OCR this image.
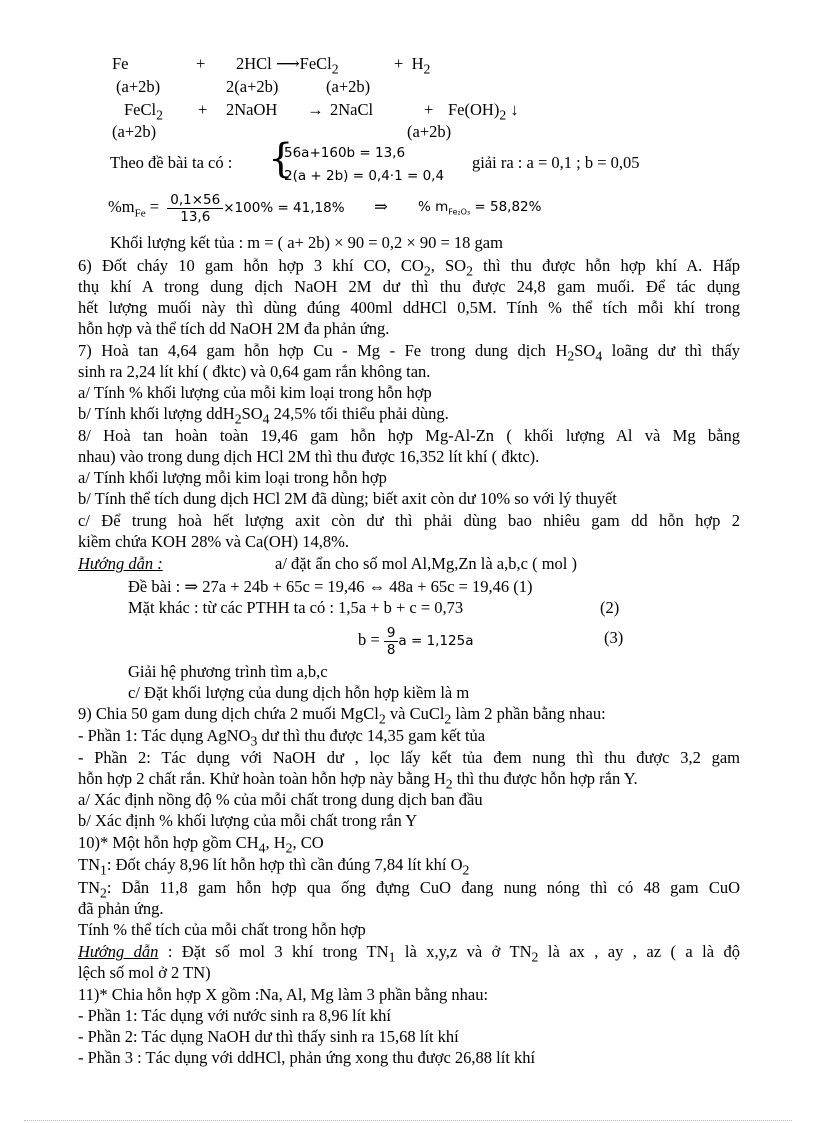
Fe	+ 2HCl ⟶FeCl$_2$	+ $H_2$
(a+2b)	2(a+2b)	(a+2b)
FeCl$_2$ + 2NaOH → 2NaCl	+ $Fe(OH)_2$ ↓
(a+2b)	(a+2b)
Theo đề bài ta có : {
56a+160b = 13,6
2(a + 2b) = 0,4·1 = 0,4
giải ra : a = 0,1 ; b = 0,05
$\%m_{Fe} = \frac{0,1\times 56}{13,6} \times 100\% = 41,18\%$ ⇒ % $m_{Fe_2O_3} = 58,82\%$
Khối lượng kết tủa : m = ( a+ 2b) × 90 = 0,2 × 90 = 18 gam
6) Đốt cháy 10 gam hỗn hợp 3 khí CO, $CO_2$, $SO_2$ thì thu được hỗn hợp khí A. Hấp
thụ khí A trong dung dịch NaOH 2M dư thì thu được 24,8 gam muối. Để tác dụng
hết lượng muối này thì dùng đúng 400ml ddHCl 0,5M. Tính % thể tích mỗi khí trong
hỗn hợp và thể tích dd NaOH 2M đa phản ứng.
7) Hoà tan 4,64 gam hỗn hợp Cu - Mg - Fe trong dung dịch $H_2SO_4$ loãng dư thì thấy
sinh ra 2,24 lít khí ( đktc) và 0,64 gam rắn không tan.
a/ Tính % khối lượng của mỗi kim loại trong hỗn hợp
b/ Tính khối lượng $ddH_2SO_4$ 24,5% tối thiểu phải dùng.
8/ Hoà tan hoàn toàn 19,46 gam hỗn hợp Mg-Al-Zn ( khối lượng Al và Mg bằng
nhau) vào trong dung dịch HCl 2M thì thu được 16,352 lít khí ( đktc).
a/ Tính khối lượng mỗi kim loại trong hỗn hợp
b/ Tính thể tích dung dịch HCl 2M đã dùng; biết axit còn dư 10% so với lý thuyết
c/ Để trung hoà hết lượng axit còn dư thì phải dùng bao nhiêu gam dd hỗn hợp 2
kiềm chứa KOH 28% và Ca(OH) 14,8%.
Hướng dẫn :	a/ đặt ẩn cho số mol Al,Mg,Zn là a,b,c ( mol )
Đề bài : ⇒ 27a + 24b + 65c = 19,46 ⇔ 48a + 65c = 19,46 (1)
Mặt khác : từ các PTHH ta có : 1,5a + b + c = 0,73	(2)
$b = \frac{9}{8}$ a = 1,125a	(3)
Giải hệ phương trình tìm a,b,c
c/ Đặt khối lượng của dung dịch hỗn hợp kiềm là m
9) Chia 50 gam dung dịch chứa 2 muối MgCl$_2$ và CuCl$_2$ làm 2 phần bằng nhau:
- Phần 1: Tác dụng AgNO$_3$ dư thì thu được 14,35 gam kết tủa
- Phần 2: Tác dụng với NaOH dư , lọc lấy kết tủa đem nung thì thu được 3,2 gam
hỗn hợp 2 chất rắn. Khử hoàn toàn hỗn hợp này bằng $H_2$ thì thu được hỗn hợp rắn Y.
a/ Xác định nồng độ % của mỗi chất trong dung dịch ban đầu
b/ Xác định % khối lượng của mỗi chất trong rắn Y
10)* Một hỗn hợp gồm $CH_4$, $H_2$, CO
$TN_1$: Đốt cháy 8,96 lít hỗn hợp thì cần đúng 7,84 lít khí $O_2$
$TN_2$: Dẫn 11,8 gam hỗn hợp qua ống đựng CuO đang nung nóng thì có 48 gam CuO
đã phản ứng.
Tính % thể tích của mỗi chất trong hỗn hợp
Hướng dẫn : Đặt số mol 3 khí trong $TN_1$ là x,y,z và ở $TN_2$ là ax , ay , az ( a là độ
lệch số mol ở 2 TN)
11)* Chia hỗn hợp X gồm :Na, Al, Mg làm 3 phần bằng nhau:
- Phần 1: Tác dụng với nước sinh ra 8,96 lít khí
- Phần 2: Tác dụng NaOH dư thì thấy sinh ra 15,68 lít khí
- Phần 3 : Tác dụng với ddHCl, phản ứng xong thu được 26,88 lít khí
